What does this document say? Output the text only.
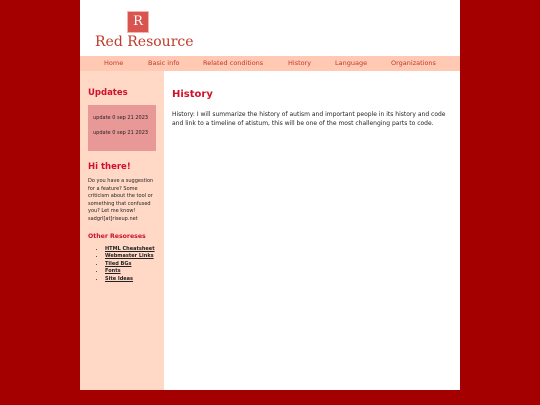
R
Red Resource
Home	Basic info	Related conditions	History	Language	Organizations
Updates
update 0 sep 21 2023
update 0 sep 21 2023
Hi there!
Do you have a suggestion for a feature? Some criticism about the tool or something that confused you? Let me know! sadgrl[at]riseup.net
Other Resoreses
• HTML Cheatsheet
• Webmaster Links
• Tiled BGs
• Fonts
• Site Ideas
History
History: I will summarize the history of autism and important people in its history and code and link to a timeline of atistum, this will be one of the most challenging parts to code.
